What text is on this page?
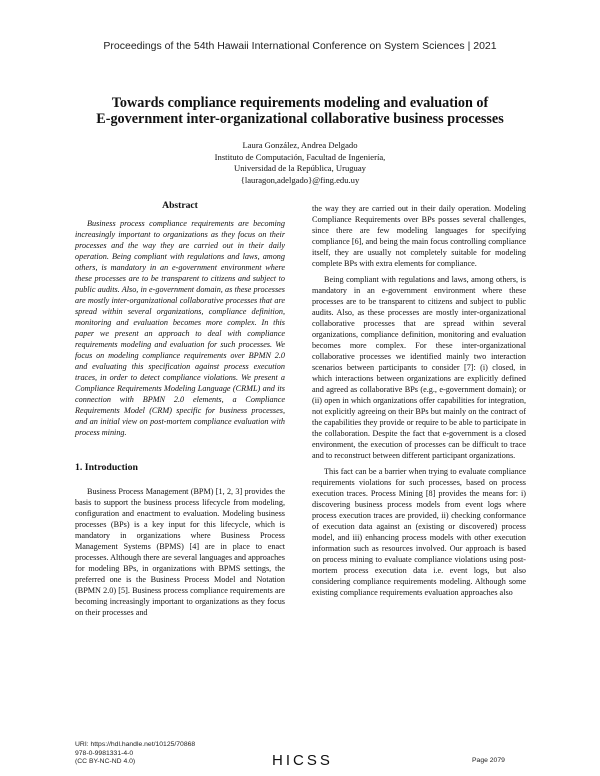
Proceedings of the 54th Hawaii International Conference on System Sciences | 2021
Towards compliance requirements modeling and evaluation of
E-government inter-organizational collaborative business processes
Laura González, Andrea Delgado
Instituto de Computación, Facultad de Ingeniería,
Universidad de la República, Uruguay
{lauragon,adelgado}@fing.edu.uy
Abstract

Business process compliance requirements are becoming increasingly important to organizations as they focus on their processes and the way they are carried out in their daily operation. Being compliant with regulations and laws, among others, is mandatory in an e-government environment where these processes are to be transparent to citizens and subject to public audits. Also, in e-government domain, as these processes are mostly inter-organizational collaborative processes that are spread within several organizations, compliance definition, monitoring and evaluation becomes more complex. In this paper we present an approach to deal with compliance requirements modeling and evaluation for such processes. We focus on modeling compliance requirements over BPMN 2.0 and evaluating this specification against process execution traces, in order to detect compliance violations. We present a Compliance Requirements Modeling Language (CRML) and its connection with BPMN 2.0 elements, a Compliance Requirements Model (CRM) specific for business processes, and an initial view on post-mortem compliance evaluation with process mining.

1. Introduction

Business Process Management (BPM) [1, 2, 3] provides the basis to support the business process lifecycle from modeling, configuration and enactment to evaluation. Modeling business processes (BPs) is a key input for this lifecycle, which is mandatory in organizations where Business Process Management Systems (BPMS) [4] are in place to enact processes. Although there are several languages and approaches for modeling BPs, in organizations with BPMS settings, the preferred one is the Business Process Model and Notation (BPMN 2.0) [5]. Business process compliance requirements are becoming increasingly important to organizations as they focus on their processes and

the way they are carried out in their daily operation. Modeling Compliance Requirements over BPs posses several challenges, since there are few modeling languages for specifying compliance [6], and being the main focus controlling compliance itself, they are usually not completely suitable for modeling complete BPs with extra elements for compliance.

Being compliant with regulations and laws, among others, is mandatory in an e-government environment where these processes are to be transparent to citizens and subject to public audits. Also, as these processes are mostly inter-organizational collaborative processes that are spread within several organizations, compliance definition, monitoring and evaluation becomes more complex. For these inter-organizational collaborative processes we identified mainly two interaction scenarios between participants to consider [7]: (i) closed, in which interactions between organizations are explicitly defined and agreed as collaborative BPs (e.g., e-government domain); or (ii) open in which organizations offer capabilities for integration, not explicitly agreeing on their BPs but mainly on the contract of the capabilities they provide or require to be able to participate in the collaboration. Despite the fact that e-government is a closed environment, the execution of processes can be difficult to trace and to reconstruct between different participant organizations.

This fact can be a barrier when trying to evaluate compliance requirements violations for such processes, based on process execution traces. Process Mining [8] provides the means for: i) discovering business process models from event logs where process execution traces are provided, ii) checking conformance of execution data against an (existing or discovered) process model, and iii) enhancing process models with other execution information such as resources involved. Our approach is based on process mining to evaluate compliance violations using post-mortem process execution data i.e. event logs, but also considering compliance requirements modeling. Although some existing compliance requirements evaluation approaches also

URI: https://hdl.handle.net/10125/70868
978-0-9981331-4-0
(CC BY-NC-ND 4.0)	HICSS	Page 2079
